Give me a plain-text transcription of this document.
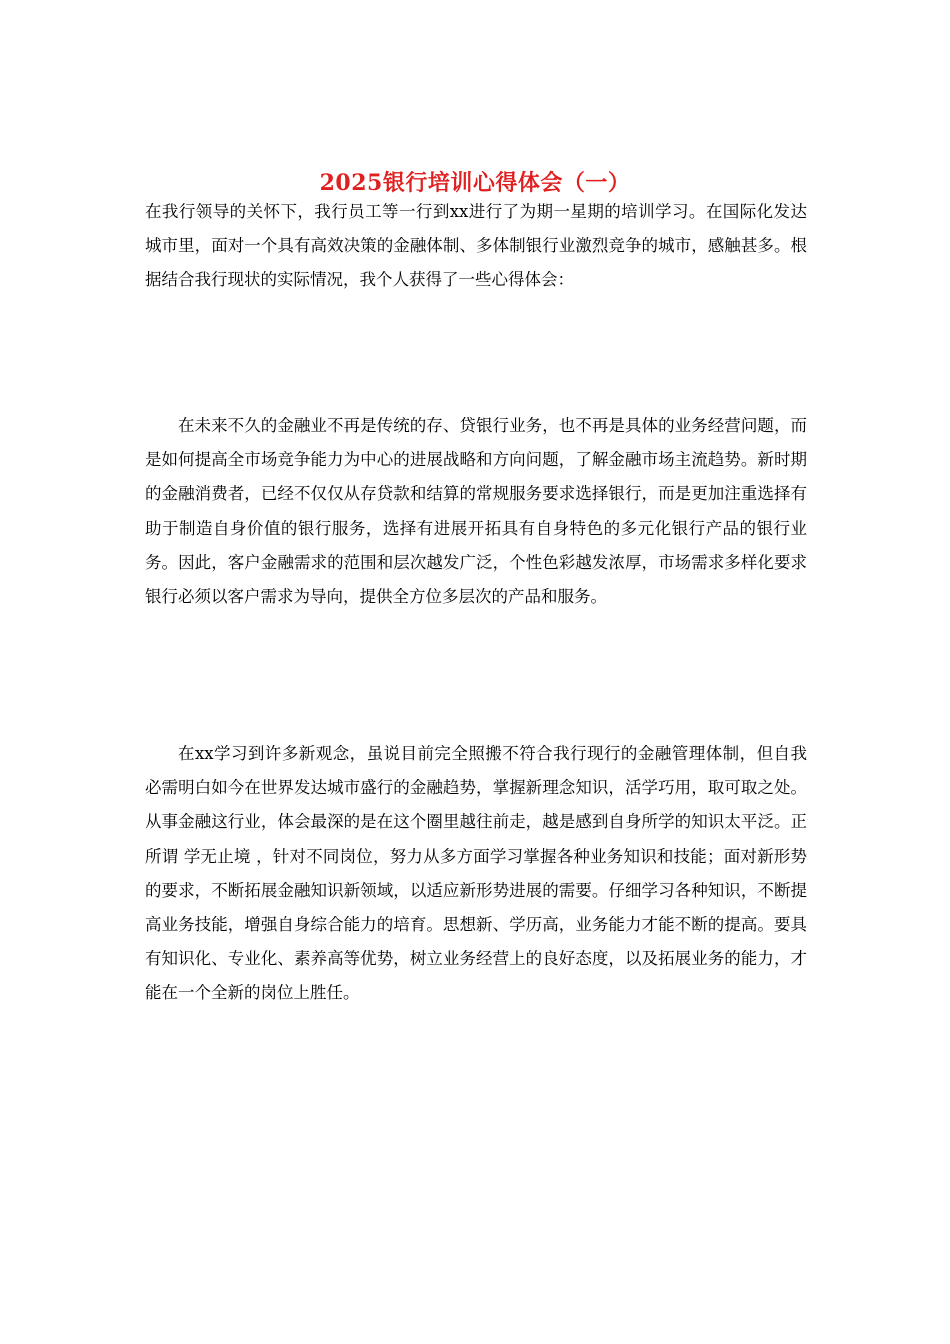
2025银行培训心得体会（一）

在我行领导的关怀下，我行员工等一行到xx进行了为期一星期的培训学习。在国际化发达城市里，面对一个具有高效决策的金融体制、多体制银行业激烈竞争的城市，感触甚多。根据结合我行现状的实际情况，我个人获得了一些心得体会：

在未来不久的金融业不再是传统的存、贷银行业务，也不再是具体的业务经营问题，而是如何提高全市场竞争能力为中心的进展战略和方向问题，了解金融市场主流趋势。新时期的金融消费者，已经不仅仅从存贷款和结算的常规服务要求选择银行，而是更加注重选择有助于制造自身价值的银行服务，选择有进展开拓具有自身特色的多元化银行产品的银行业务。因此，客户金融需求的范围和层次越发广泛，个性色彩越发浓厚，市场需求多样化要求银行必须以客户需求为导向，提供全方位多层次的产品和服务。

在xx学习到许多新观念，虽说目前完全照搬不符合我行现行的金融管理体制，但自我必需明白如今在世界发达城市盛行的金融趋势，掌握新理念知识，活学巧用，取可取之处。从事金融这行业，体会最深的是在这个圈里越往前走，越是感到自身所学的知识太平泛。正所谓 学无止境 ，针对不同岗位，努力从多方面学习掌握各种业务知识和技能；面对新形势的要求，不断拓展金融知识新领域，以适应新形势进展的需要。仔细学习各种知识，不断提高业务技能，增强自身综合能力的培育。思想新、学历高，业务能力才能不断的提高。要具有知识化、专业化、素养高等优势，树立业务经营上的良好态度，以及拓展业务的能力，才能在一个全新的岗位上胜任。
